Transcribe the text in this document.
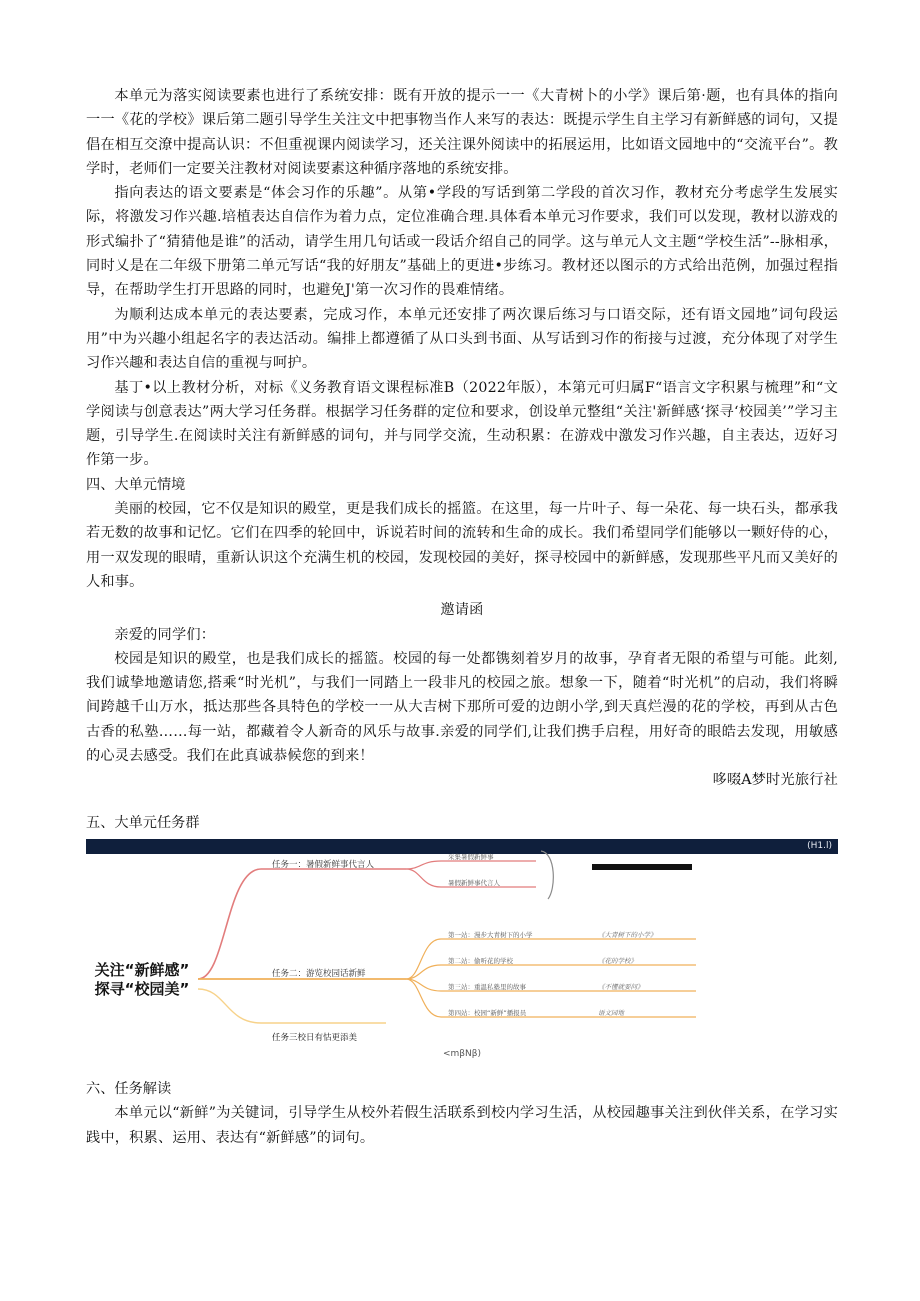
本单元为落实阅读要素也进行了系统安排：既有开放的提示一一《大青树卜的小学》课后第·题，也有具体的指向一一《花的学校》课后第二题引导学生关注文中把事物当作人来写的表达：既提示学生自主学习有新鲜感的词句，又提倡在相互交潦中提高认识：不但重视课内阅读学习，还关注课外阅读中的拓展运用，比如语文园地中的“交流平台”。教学时，老师们一定要关注教材对阅读要素这种循序落地的系统安排。

指向表达的语文要素是“体会习作的乐趣”。从第•学段的写话到第二学段的首次习作，教材充分考虑学生发展实际，将激发习作兴趣.培植表达自信作为着力点，定位准确合理.具体看本单元习作要求，我们可以发现，教材以游戏的形式编扑了“猜猜他是谁”的活动，请学生用几句话或一段话介绍自己的同学。这与单元人文主题“学校生活”--脉相承，同时乂是在二年级下册第二单元写话“我的好朋友”基础上的更进•步练习。教材还以图示的方式给出范例，加强过程指导，在帮助学生打开思路的同时，也避免J'第一次习作的畏难情绪。

为顺利达成本单元的表达要素，完成习作，本单元还安排了两次课后练习与口语交际，还有语文园地”词句段运用”中为兴趣小组起名字的表达活动。编排上都遵循了从口头到书面、从写话到习作的衔接与过渡，充分体现了对学生习作兴趣和表达自信的重视与呵护。

基丁•以上教材分析，对标《义务教育语文课程标准B（2022年版），本第元可归属F“语言文字积累与梳理”和“文学阅读与创意表达”两大学习任务群。根据学习任务群的定位和要求，创设单元整组“关注'新鲜感‘探寻‘校园美’”学习主题，引导学生.在阅读时关注有新鲜感的词句，并与同学交流，生动积累：在游戏中激发习作兴趣，自主表达，迈好习作第一步。

四、大单元情境

美丽的校园，它不仅是知识的殿堂，更是我们成长的摇篮。在这里，每一片叶子、每一朵花、每一块石头，都承我若无数的故事和记忆。它们在四季的轮回中，诉说若时间的流转和生命的成长。我们希望同学们能够以一颗好侍的心，用一双发现的眼晴，重新认识这个充满生机的校园，发现校园的美好，探寻校园中的新鲜感，发现那些平凡而又美好的人和事。

邀请函

亲爱的同学们：

校园是知识的殿堂，也是我们成长的摇篮。校园的每一处都镌刻着岁月的故事，孕育者无限的希望与可能。此刻,我们诚挚地邀请您,搭乘“时光机”，与我们一同踏上一段非凡的校园之旅。想象一下，随着“时光机”的启动，我们将瞬间跨越千山万水，抵达那些各具特色的学校一一从大吉树下那所可爱的边朗小学,到天真烂漫的花的学校，再到从古色古香的私塾……每一站，都藏着令人新奇的风乐与故事.亲爱的同学们,让我们携手启程，用好奇的眼皓去发现，用敏感的心灵去感受。我们在此真诚恭候您的到来！

哆啜A梦时光旅行社

五、大单元任务群
(H1.l)
关注“新鲜感”
探寻“校园美”
任务一：暑假新鲜事代言人
采集暑假新鲜事
暑假新鲜事代言人
任务二：游览校园话新鲜
第一站：漫步大青树下的小学
第二站：偷听花的学校
第三站：重温私塾里的故事
第四站：校园“新鲜”播报员
《大青树下的小学》
《花的学校》
《不懂就要问》
语文园地
任务三校日有怙更添美
<mβNβ)
六、任务解读

本单元以“新鲜”为关键词，引导学生从校外若假生活联系到校内学习生活，从校园趣事关注到伙伴关系，在学习实践中，积累、运用、表达有“新鲜感”的词句。
